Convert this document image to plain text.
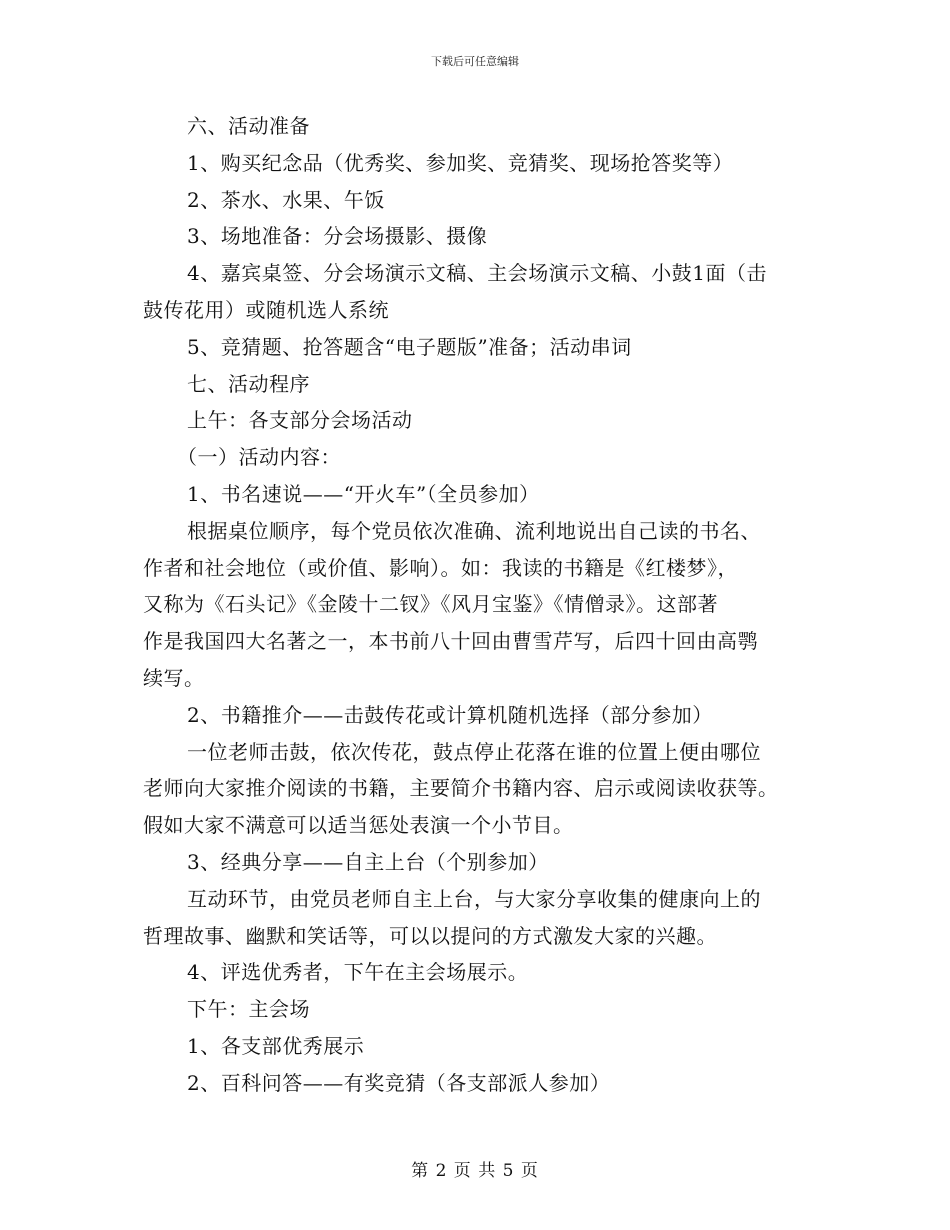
下载后可任意编辑
六、活动准备
1、购买纪念品（优秀奖、参加奖、竞猜奖、现场抢答奖等）
2、茶水、水果、午饭
3、场地准备：分会场摄影、摄像
4、嘉宾桌签、分会场演示文稿、主会场演示文稿、小鼓1面（击
鼓传花用）或随机选人系统
5、竞猜题、抢答题含“电子题版”准备；活动串词
七、活动程序
上午：各支部分会场活动
（一）活动内容：
1、书名速说——“开火车”（全员参加）
根据桌位顺序，每个党员依次准确、流利地说出自己读的书名、
作者和社会地位（或价值、影响）。如：我读的书籍是《红楼梦》，
又称为《石头记》《金陵十二钗》《风月宝鉴》《情僧录》。这部著
作是我国四大名著之一，本书前八十回由曹雪芹写，后四十回由高鹗
续写。
2、书籍推介——击鼓传花或计算机随机选择（部分参加）
一位老师击鼓，依次传花，鼓点停止花落在谁的位置上便由哪位
老师向大家推介阅读的书籍，主要简介书籍内容、启示或阅读收获等。
假如大家不满意可以适当惩处表演一个小节目。
3、经典分享——自主上台（个别参加）
互动环节，由党员老师自主上台，与大家分享收集的健康向上的
哲理故事、幽默和笑话等，可以以提问的方式激发大家的兴趣。
4、评选优秀者，下午在主会场展示。
下午：主会场
1、各支部优秀展示
2、百科问答——有奖竞猜（各支部派人参加）
第 2 页 共 5 页
